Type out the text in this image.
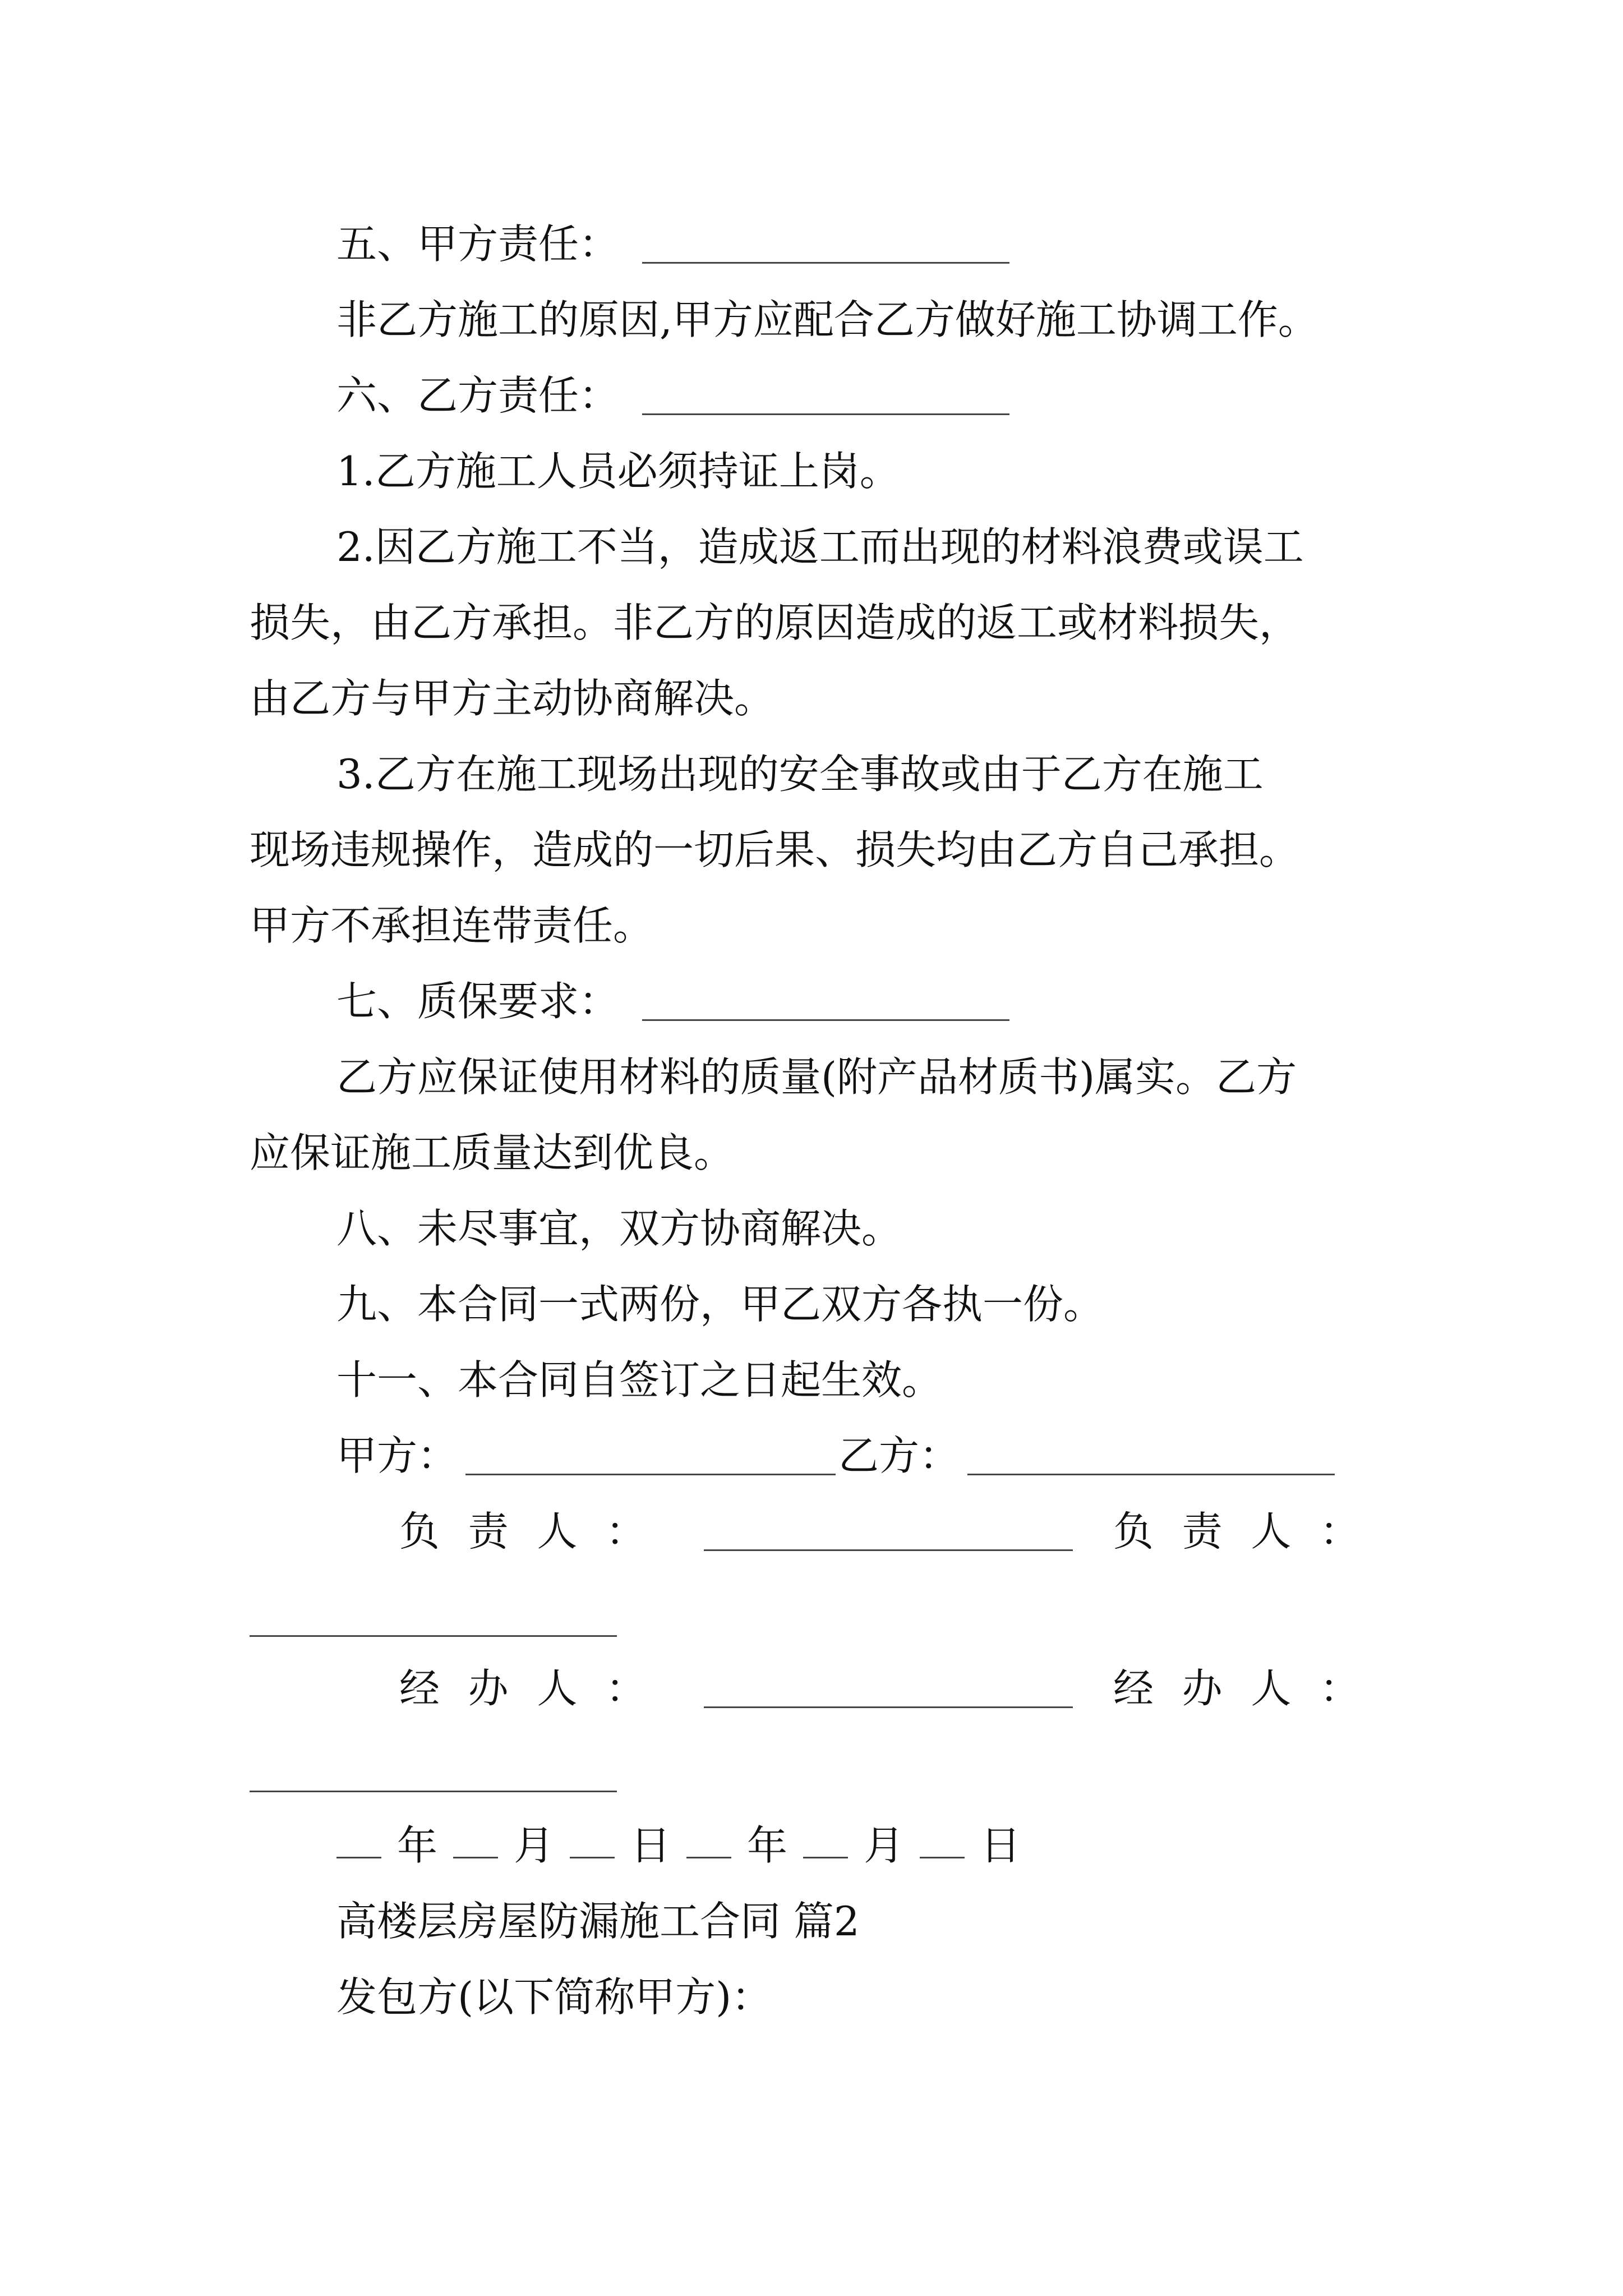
五、甲方责任：
非乙方施工的原因,甲方应配合乙方做好施工协调工作。
六、乙方责任：
1.乙方施工人员必须持证上岗。
2.因乙方施工不当，造成返工而出现的材料浪费或误工
损失，由乙方承担。非乙方的原因造成的返工或材料损失，
由乙方与甲方主动协商解决。
3.乙方在施工现场出现的安全事故或由于乙方在施工
现场违规操作，造成的一切后果、损失均由乙方自己承担。
甲方不承担连带责任。
七、质保要求：
乙方应保证使用材料的质量(附产品材质书)属实。乙方
应保证施工质量达到优良。
八、未尽事宜，双方协商解决。
九、本合同一式两份，甲乙双方各执一份。
十一、本合同自签订之日起生效。
甲方：	乙方：
负 责 人 ：	负 责 人 ：
经 办 人 ：	经 办 人 ：
年 月 日 年 月 日
高楼层房屋防漏施工合同 篇2
发包方(以下简称甲方)：
